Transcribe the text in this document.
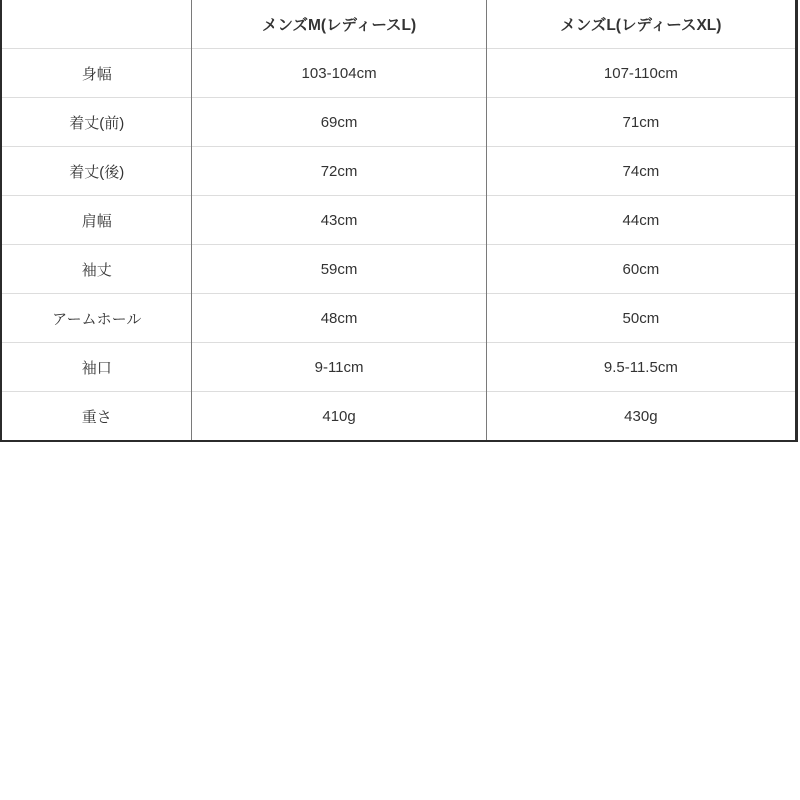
	メンズM(レディースL)	メンズL(レディースXL)
身幅	103-104cm	107-110cm
着丈(前)	69cm	71cm
着丈(後)	72cm	74cm
肩幅	43cm	44cm
袖丈	59cm	60cm
アームホール	48cm	50cm
袖口	9-11cm	9.5-11.5cm
重さ	410g	430g
